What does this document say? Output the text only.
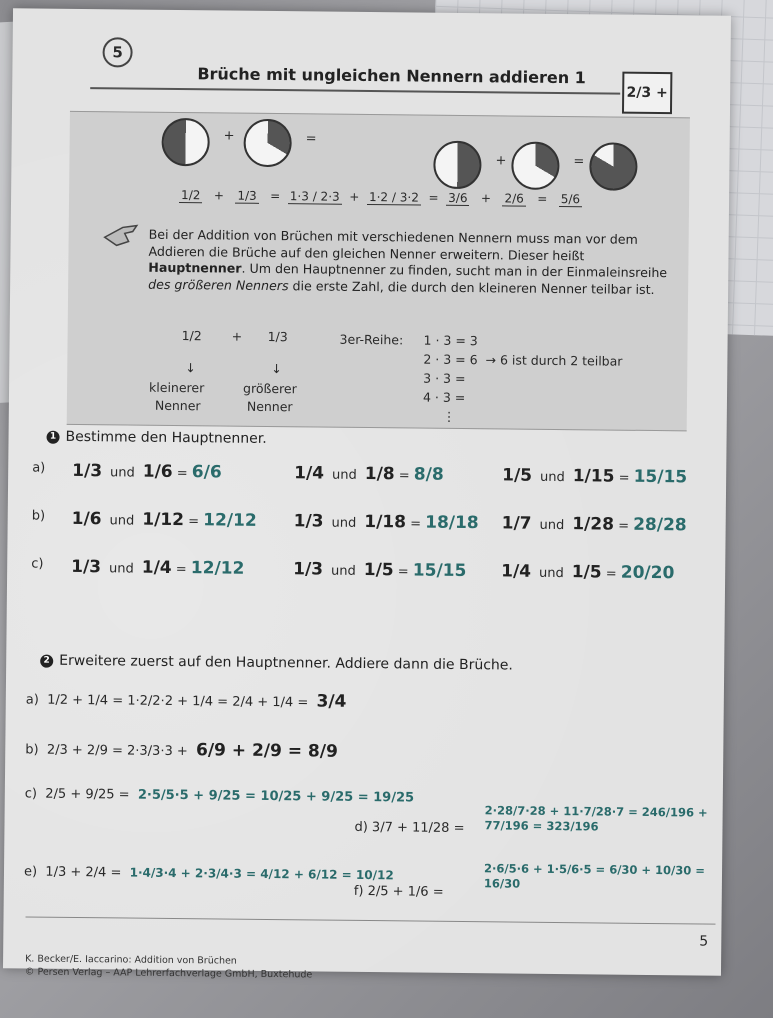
5
Brüche mit ungleichen Nennern addieren 1
2/3 +
+	=
+	=
1/2 + 1/3 = 1·3 / 2·3 + 1·2 / 3·2 = 3/6 + 2/6 = 5/6
Bei der Addition von Brüchen mit verschiedenen Nennern muss man vor dem Addieren die Brüche auf den gleichen Nenner erweitern. Dieser heißt Hauptnenner. Um den Hauptnenner zu finden, sucht man in der Einmaleinsreihe des größeren Nenners die erste Zahl, die durch den kleineren Nenner teilbar ist.
1/2 + 1/3
↓	↓
kleinerer
Nenner
größerer
Nenner
3er-Reihe: 1 · 3 = 3
2 · 3 = 6 → 6 ist durch 2 teilbar
3 · 3 =
4 · 3 =
⋮
1 Bestimme den Hauptnenner.
a) 1/3 und 1/6 = 6/6	1/4 und 1/8 = 8/8	1/5 und 1/15 = 15/15
b) 1/6 und 1/12 = 12/12 1/3 und 1/18 = 18/18 1/7 und 1/28 = 28/28
c) 1/3 und 1/4 = 12/12	1/3 und 1/5 = 15/15 1/4 und 1/5 = 20/20
2 Erweitere zuerst auf den Hauptnenner. Addiere dann die Brüche.
a) 1/2 + 1/4 = 1·2/2·2 + 1/4 = 2/4 + 1/4 = 3/4
b) 2/3 + 2/9 = 2·3/3·3 + 6/9 + 2/9 = 8/9
c) 2/5 + 9/25 = 2·5/5·5 + 9/25 = 10/25 + 9/25 = 19/25
d) 3/7 + 11/28 =
2·28/7·28 + 11·7/28·7 = 246/196 + 77/196 = 323/196
e) 1/3 + 2/4 = 1·4/3·4 + 2·3/4·3 = 4/12 + 6/12 = 10/12
f) 2/5 + 1/6 =
2·6/5·6 + 1·5/6·5 = 6/30 + 10/30 = 16/30
5
K. Becker/E. Iaccarino: Addition von Brüchen
© Persen Verlag – AAP Lehrerfachverlage GmbH, Buxtehude
